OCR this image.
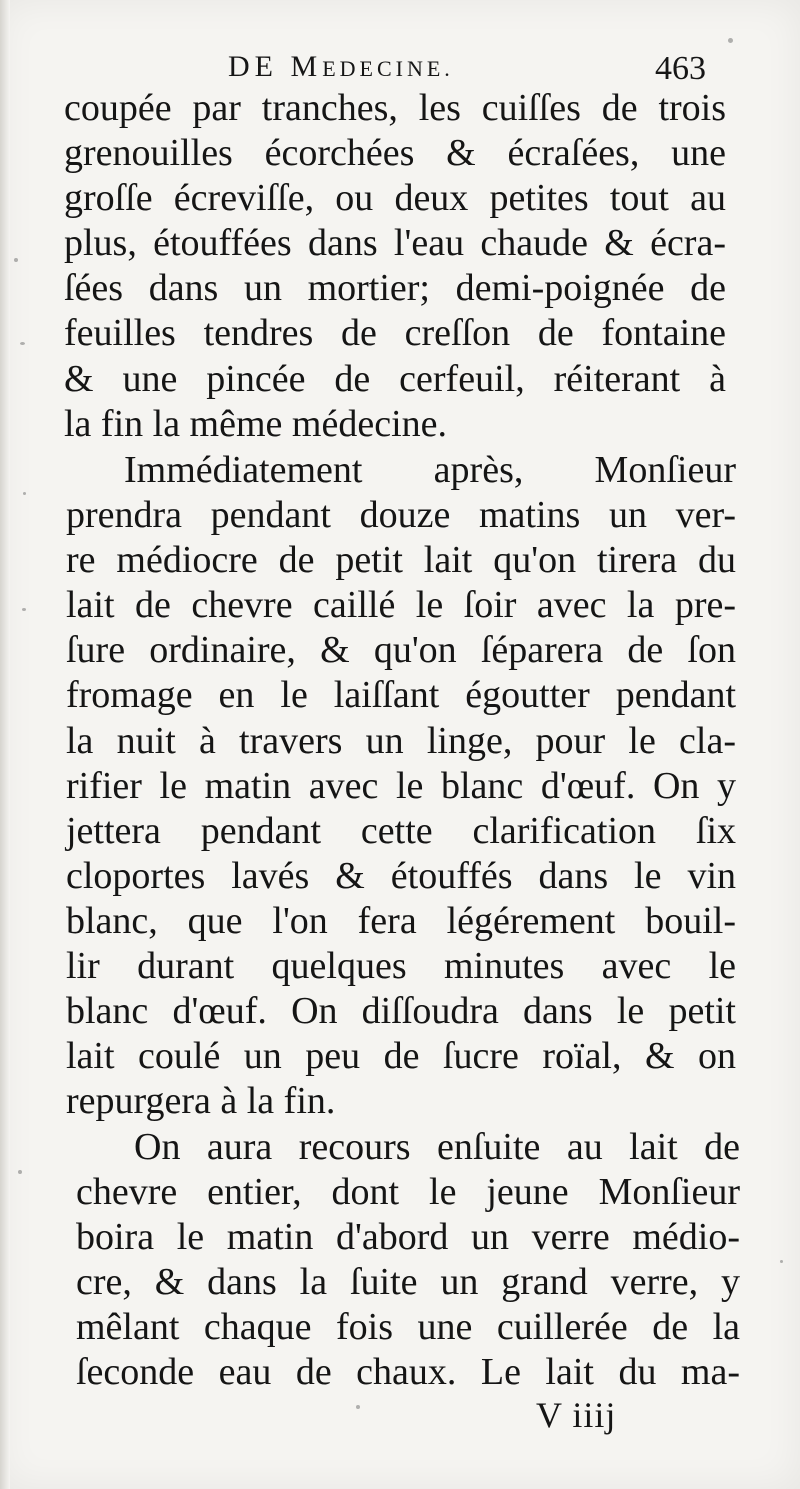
DE MEDECINE.	463
coupée par tranches, les cuiſſes de trois
grenouilles écorchées & écraſées, une
groſſe écreviſſe, ou deux petites tout au
plus, étouffées dans l'eau chaude & écra-
ſées dans un mortier; demi-poignée de
feuilles tendres de creſſon de fontaine
& une pincée de cerfeuil, réiterant à
la fin la même médecine.
Immédiatement après, Monſieur
prendra pendant douze matins un ver-
re médiocre de petit lait qu'on tirera du
lait de chevre caillé le ſoir avec la pre-
ſure ordinaire, & qu'on ſéparera de ſon
fromage en le laiſſant égoutter pendant
la nuit à travers un linge, pour le cla-
rifier le matin avec le blanc d'œuf. On y
jettera pendant cette clarification ſix
cloportes lavés & étouffés dans le vin
blanc, que l'on fera légérement bouil-
lir durant quelques minutes avec le
blanc d'œuf. On diſſoudra dans le petit
lait coulé un peu de ſucre roïal, & on
repurgera à la fin.
On aura recours enſuite au lait de
chevre entier, dont le jeune Monſieur
boira le matin d'abord un verre médio-
cre, & dans la ſuite un grand verre, y
mêlant chaque fois une cuillerée de la
ſeconde eau de chaux. Le lait du ma-
V iiij
